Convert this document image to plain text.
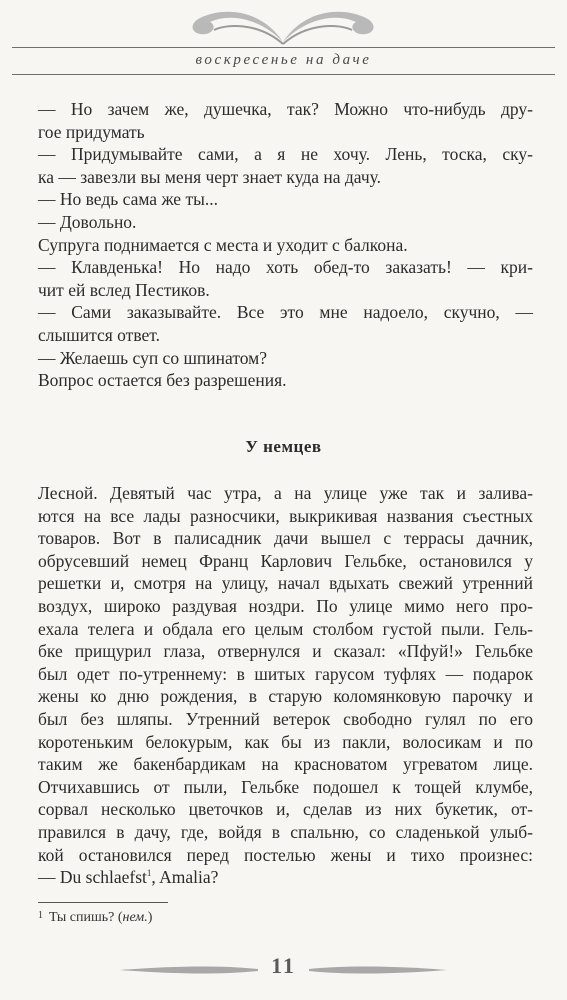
воскресенье на даче
— Но зачем же, душечка, так? Можно что-нибудь дру-
гое придумать
— Придумывайте сами, а я не хочу. Лень, тоска, ску-
ка — завезли вы меня черт знает куда на дачу.
— Но ведь сама же ты...
— Довольно.
Супруга поднимается с места и уходит с балкона.
— Клавденька! Но надо хоть обед-то заказать! — кри-
чит ей вслед Пестиков.
— Сами заказывайте. Все это мне надоело, скучно, —
слышится ответ.
— Желаешь суп со шпинатом?
Вопрос остается без разрешения.
У немцев
Лесной. Девятый час утра, а на улице уже так и залива-
ются на все лады разносчики, выкрикивая названия съестных
товаров. Вот в палисадник дачи вышел с террасы дачник,
обрусевший немец Франц Карлович Гельбке, остановился у
решетки и, смотря на улицу, начал вдыхать свежий утренний
воздух, широко раздувая ноздри. По улице мимо него про-
ехала телега и обдала его целым столбом густой пыли. Гель-
бке прищурил глаза, отвернулся и сказал: «Пфуй!» Гельбке
был одет по-утреннему: в шитых гарусом туфлях — подарок
жены ко дню рождения, в старую коломянковую парочку и
был без шляпы. Утренний ветерок свободно гулял по его
коротеньким белокурым, как бы из пакли, волосикам и по
таким же бакенбардикам на красноватом угреватом лице.
Отчихавшись от пыли, Гельбке подошел к тощей клумбе,
сорвал несколько цветочков и, сделав из них букетик, от-
правился в дачу, где, войдя в спальню, со сладенькой улыб-
кой остановился перед постелью жены и тихо произнес:
— Du schlaefst$^1$, Amalia?
$^1$ Ты спишь? (нем.)
11
